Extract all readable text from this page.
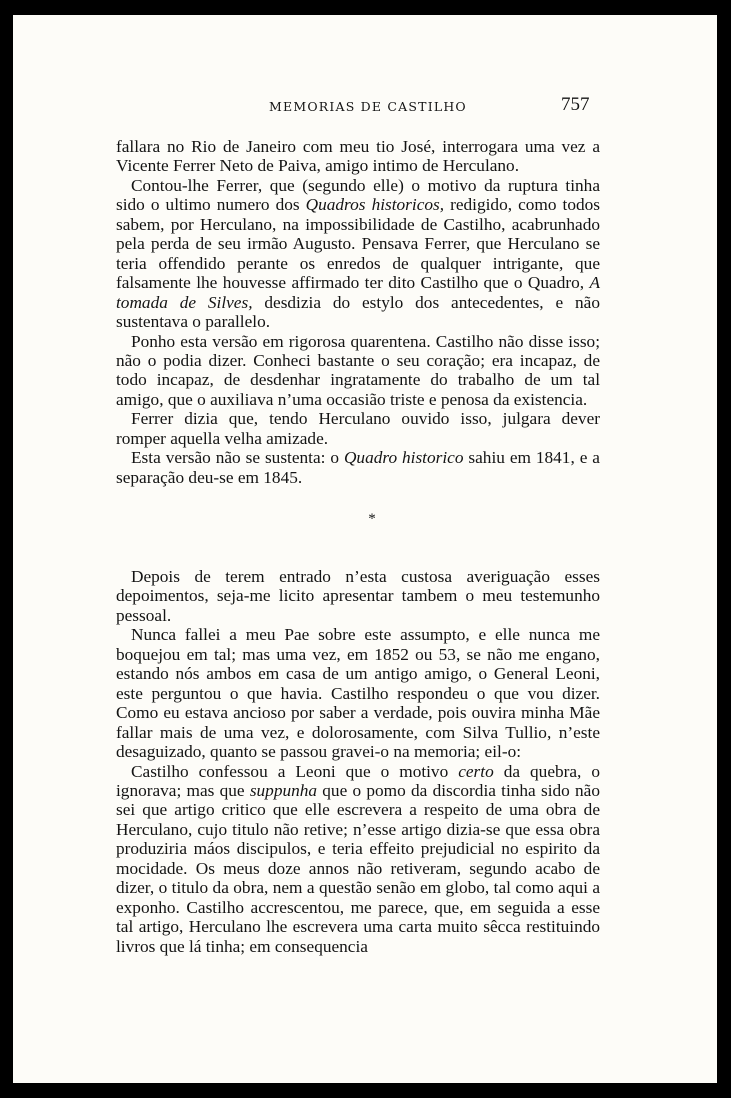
MEMORIAS DE CASTILHO	757

fallara no Rio de Janeiro com meu tio José, interrogara uma vez a Vicente Ferrer Neto de Paiva, amigo intimo de Herculano.

Contou-lhe Ferrer, que (segundo elle) o motivo da ruptura tinha sido o ultimo numero dos Quadros historicos, redigido, como todos sabem, por Herculano, na impossibilidade de Castilho, acabrunhado pela perda de seu irmão Augusto. Pensava Ferrer, que Herculano se teria offendido perante os enredos de qualquer intrigante, que falsamente lhe houvesse affirmado ter dito Castilho que o Quadro, A tomada de Silves, desdizia do estylo dos antecedentes, e não sustentava o parallelo.

Ponho esta versão em rigorosa quarentena. Castilho não disse isso; não o podia dizer. Conheci bastante o seu coração; era incapaz, de todo incapaz, de desdenhar ingratamente do trabalho de um tal amigo, que o auxiliava n’uma occasião triste e penosa da existencia.

Ferrer dizia que, tendo Herculano ouvido isso, julgara dever romper aquella velha amizade.

Esta versão não se sustenta: o Quadro historico sahiu em 1841, e a separação deu-se em 1845.

*

Depois de terem entrado n’esta custosa averiguação esses depoimentos, seja-me licito apresentar tambem o meu testemunho pessoal.

Nunca fallei a meu Pae sobre este assumpto, e elle nunca me boquejou em tal; mas uma vez, em 1852 ou 53, se não me engano, estando nós ambos em casa de um antigo amigo, o General Leoni, este perguntou o que havia. Castilho respondeu o que vou dizer. Como eu estava ancioso por saber a verdade, pois ouvira minha Mãe fallar mais de uma vez, e dolorosamente, com Silva Tullio, n’este desaguizado, quanto se passou gravei-o na memoria; eil-o:

Castilho confessou a Leoni que o motivo certo da quebra, o ignorava; mas que suppunha que o pomo da discordia tinha sido não sei que artigo critico que elle escrevera a respeito de uma obra de Herculano, cujo titulo não retive; n’esse artigo dizia-se que essa obra produziria máos discipulos, e teria effeito prejudicial no espirito da mocidade. Os meus doze annos não retiveram, segundo acabo de dizer, o titulo da obra, nem a questão senão em globo, tal como aqui a exponho. Castilho accrescentou, me parece, que, em seguida a esse tal artigo, Herculano lhe escrevera uma carta muito sêcca restituindo livros que lá tinha; em consequencia
